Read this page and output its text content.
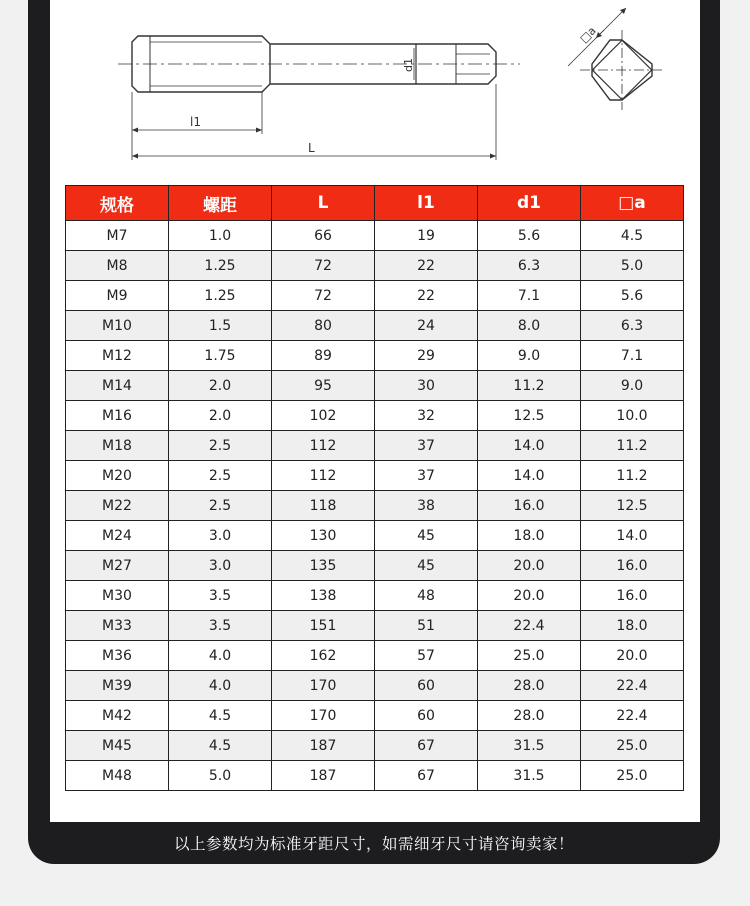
d1
l1
L
□a
规格	螺距	L	l1	d1	□a
M7	1.0	66	19	5.6	4.5
M8	1.25	72	22	6.3	5.0
M9	1.25	72	22	7.1	5.6
M10	1.5	80	24	8.0	6.3
M12	1.75	89	29	9.0	7.1
M14	2.0	95	30	11.2	9.0
M16	2.0	102	32	12.5	10.0
M18	2.5	112	37	14.0	11.2
M20	2.5	112	37	14.0	11.2
M22	2.5	118	38	16.0	12.5
M24	3.0	130	45	18.0	14.0
M27	3.0	135	45	20.0	16.0
M30	3.5	138	48	20.0	16.0
M33	3.5	151	51	22.4	18.0
M36	4.0	162	57	25.0	20.0
M39	4.0	170	60	28.0	22.4
M42	4.5	170	60	28.0	22.4
M45	4.5	187	67	31.5	25.0
M48	5.0	187	67	31.5	25.0
以上参数均为标准牙距尺寸，如需细牙尺寸请咨询卖家！
